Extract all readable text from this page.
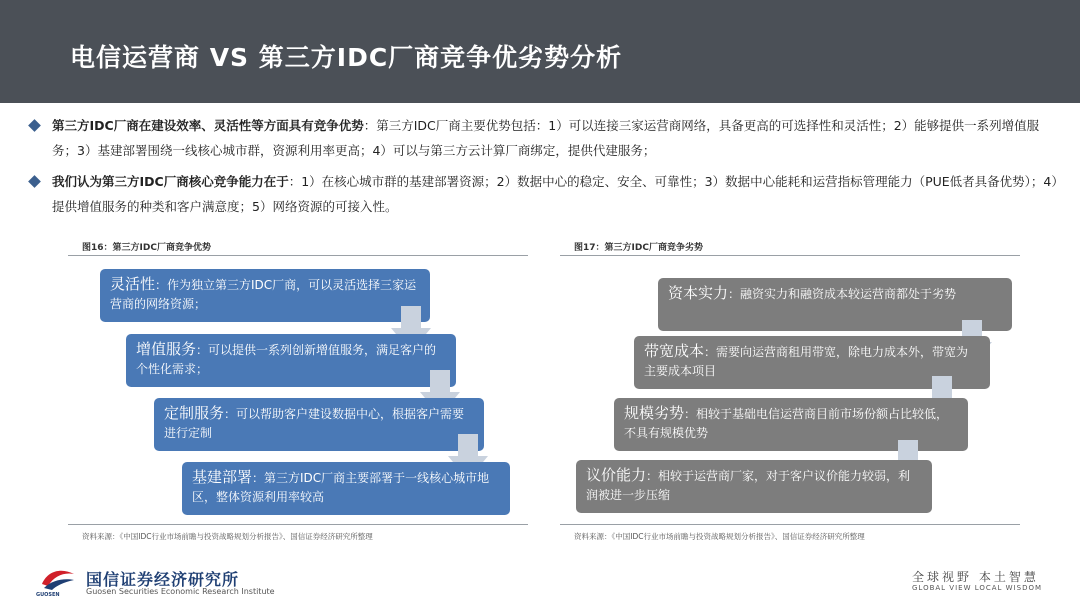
电信运营商 VS 第三方IDC厂商竞争优劣势分析
第三方IDC厂商在建设效率、灵活性等方面具有竞争优势：第三方IDC厂商主要优势包括：1）可以连接三家运营商网络，具备更高的可选择性和灵活性；2）能够提供一系列增值服务；3）基建部署围绕一线核心城市群，资源利用率更高；4）可以与第三方云计算厂商绑定，提供代建服务；
我们认为第三方IDC厂商核心竞争能力在于：1）在核心城市群的基建部署资源；2）数据中心的稳定、安全、可靠性；3）数据中心能耗和运营指标管理能力（PUE低者具备优势）；4）提供增值服务的种类和客户满意度；5）网络资源的可接入性。
图16：第三方IDC厂商竞争优势
灵活性：作为独立第三方IDC厂商，可以灵活选择三家运营商的网络资源；
增值服务：可以提供一系列创新增值服务，满足客户的个性化需求；
定制服务：可以帮助客户建设数据中心，根据客户需要进行定制
基建部署：第三方IDC厂商主要部署于一线核心城市地区，整体资源利用率较高
资料来源：《中国IDC行业市场前瞻与投资战略规划分析报告》、国信证券经济研究所整理
图17：第三方IDC厂商竞争劣势
资本实力：融资实力和融资成本较运营商都处于劣势
带宽成本：需要向运营商租用带宽，除电力成本外，带宽为主要成本项目
规模劣势：相较于基础电信运营商目前市场份额占比较低，不具有规模优势
议价能力：相较于运营商厂家，对于客户议价能力较弱，利润被进一步压缩
资料来源：《中国IDC行业市场前瞻与投资战略规划分析报告》、国信证券经济研究所整理
GUOSEN
国信证券经济研究所
Guosen Securities Economic Research Institute
全球视野 本土智慧
GLOBAL VIEW LOCAL WISDOM
